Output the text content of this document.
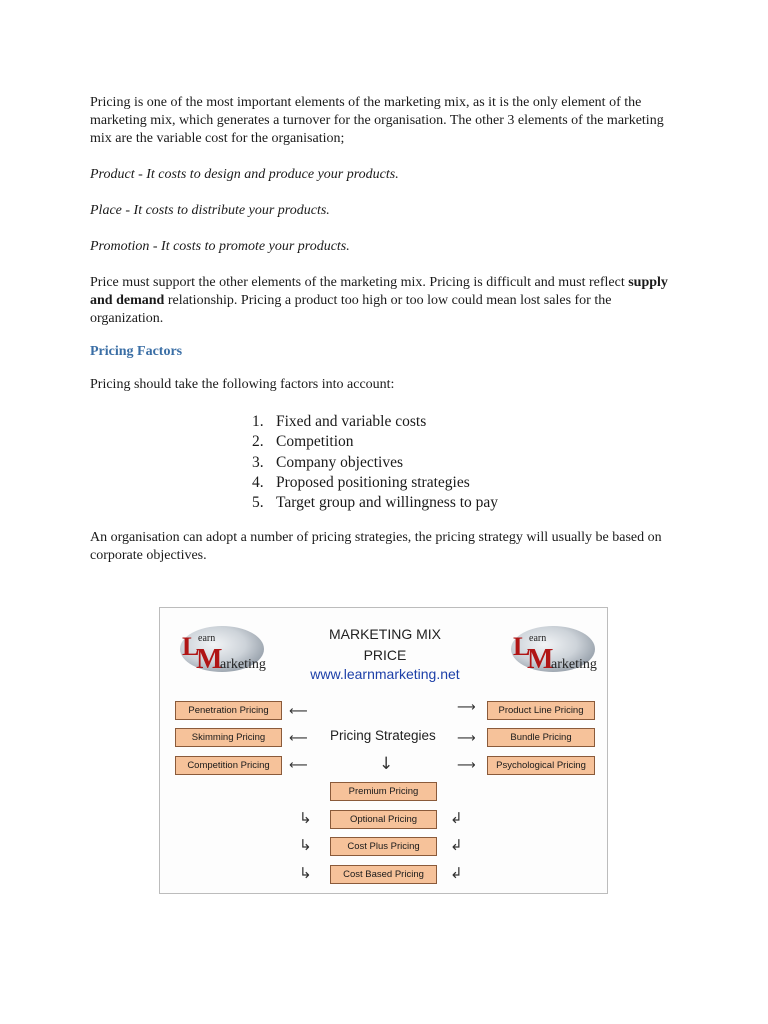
Pricing is one of the most important elements of the marketing mix, as it is the only element of the marketing mix, which generates a turnover for the organisation. The other 3 elements of the marketing mix are the variable cost for the organisation;

Product - It costs to design and produce your products.

Place - It costs to distribute your products.

Promotion - It costs to promote your products.

Price must support the other elements of the marketing mix. Pricing is difficult and must reflect supply and demand relationship. Pricing a product too high or too low could mean lost sales for the organization.

Pricing Factors

Pricing should take the following factors into account:

1. Fixed and variable costs
2. Competition
3. Company objectives
4. Proposed positioning strategies
5. Target group and willingness to pay

An organisation can adopt a number of pricing strategies, the pricing strategy will usually be based on corporate objectives.

L
earn
M
arketing
L
earn
M
arketing
MARKETING MIX
PRICE
www.learnmarketing.net
Penetration Pricing
Skimming Pricing
Competition Pricing
Product Line Pricing
Bundle Pricing
Psychological Pricing
⟵
⟵
⟵
⟶
⟶
⟶
Pricing Strategies
↓
Premium Pricing
Optional Pricing
Cost Plus Pricing
Cost Based Pricing
↳
↳
↳
↲
↲
↲
